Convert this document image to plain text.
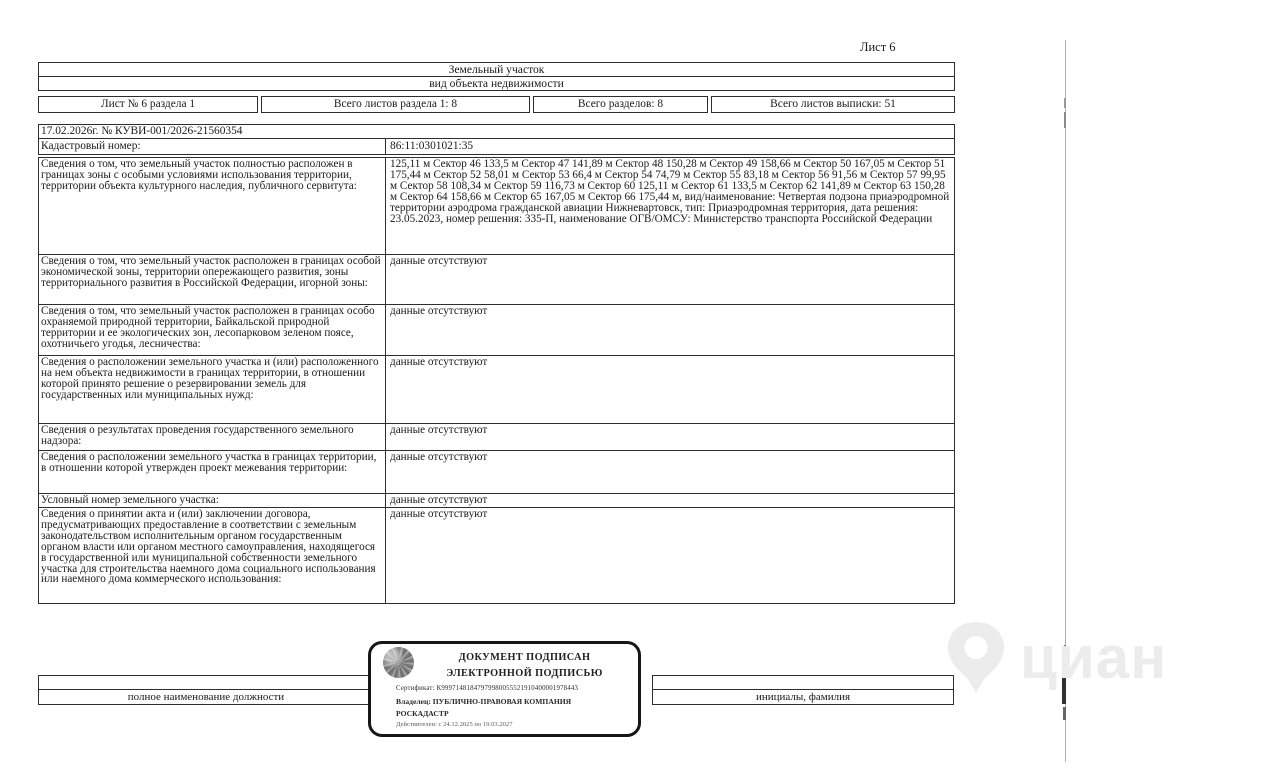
Лист 6
Земельный участок
вид объекта недвижимости
Лист № 6 раздела 1	Всего листов раздела 1: 8	Всего разделов: 8	Всего листов выписки: 51
17.02.2026г. № КУВИ-001/2026-21560354
Кадастровый номер:	86:11:0301021:35
Сведения о том, что земельный участок полностью расположен в границах зоны с особыми условиями использования территории, территории объекта культурного наследия, публичного сервитута:
125,11 м Сектор 46 133,5 м Сектор 47 141,89 м Сектор 48 150,28 м Сектор 49 158,66 м Сектор 50 167,05 м Сектор 51 175,44 м Сектор 52 58,01 м Сектор 53 66,4 м Сектор 54 74,79 м Сектор 55 83,18 м Сектор 56 91,56 м Сектор 57 99,95 м Сектор 58 108,34 м Сектор 59 116,73 м Сектор 60 125,11 м Сектор 61 133,5 м Сектор 62 141,89 м Сектор 63 150,28 м Сектор 64 158,66 м Сектор 65 167,05 м Сектор 66 175,44 м, вид/наименование: Четвертая подзона приаэродромной территории аэродрома гражданской авиации Нижневартовск, тип: Приаэродромная территория, дата решения: 23.05.2023, номер решения: 335-П, наименование ОГВ/ОМСУ: Министерство транспорта Российской Федерации
Сведения о том, что земельный участок расположен в границах особой экономической зоны, территории опережающего развития, зоны территориального развития в Российской Федерации, игорной зоны:
данные отсутствуют
Сведения о том, что земельный участок расположен в границах особо охраняемой природной территории, Байкальской природной территории и ее экологических зон, лесопарковом зеленом поясе, охотничьего угодья, лесничества:
данные отсутствуют
Сведения о расположении земельного участка и (или) расположенного на нем объекта недвижимости в границах территории, в отношении которой принято решение о резервировании земель для государственных или муниципальных нужд:
данные отсутствуют
Сведения о результатах проведения государственного земельного надзора:
данные отсутствуют
Сведения о расположении земельного участка в границах территории, в отношении которой утвержден проект межевания территории:
данные отсутствуют
Условный номер земельного участка:	данные отсутствуют
Сведения о принятии акта и (или) заключении договора, предусматривающих предоставление в соответствии с земельным законодательством исполнительным органом государственным органом власти или органом местного самоуправления, находящегося в государственной или муниципальной собственности земельного участка для строительства наемного дома социального использования или наемного дома коммерческого использования:
данные отсутствуют
полное наименование должности	инициалы, фамилия
ДОКУМЕНТ ПОДПИСАН
ЭЛЕКТРОННОЙ ПОДПИСЬЮ
Сертификат: К99971481847979980055521910400001978443
Владелец: ПУБЛИЧНО-ПРАВОВАЯ КОМПАНИЯ
РОСКАДАСТР
Действителен: с 24.12.2025 по 19.03.2027
циан
